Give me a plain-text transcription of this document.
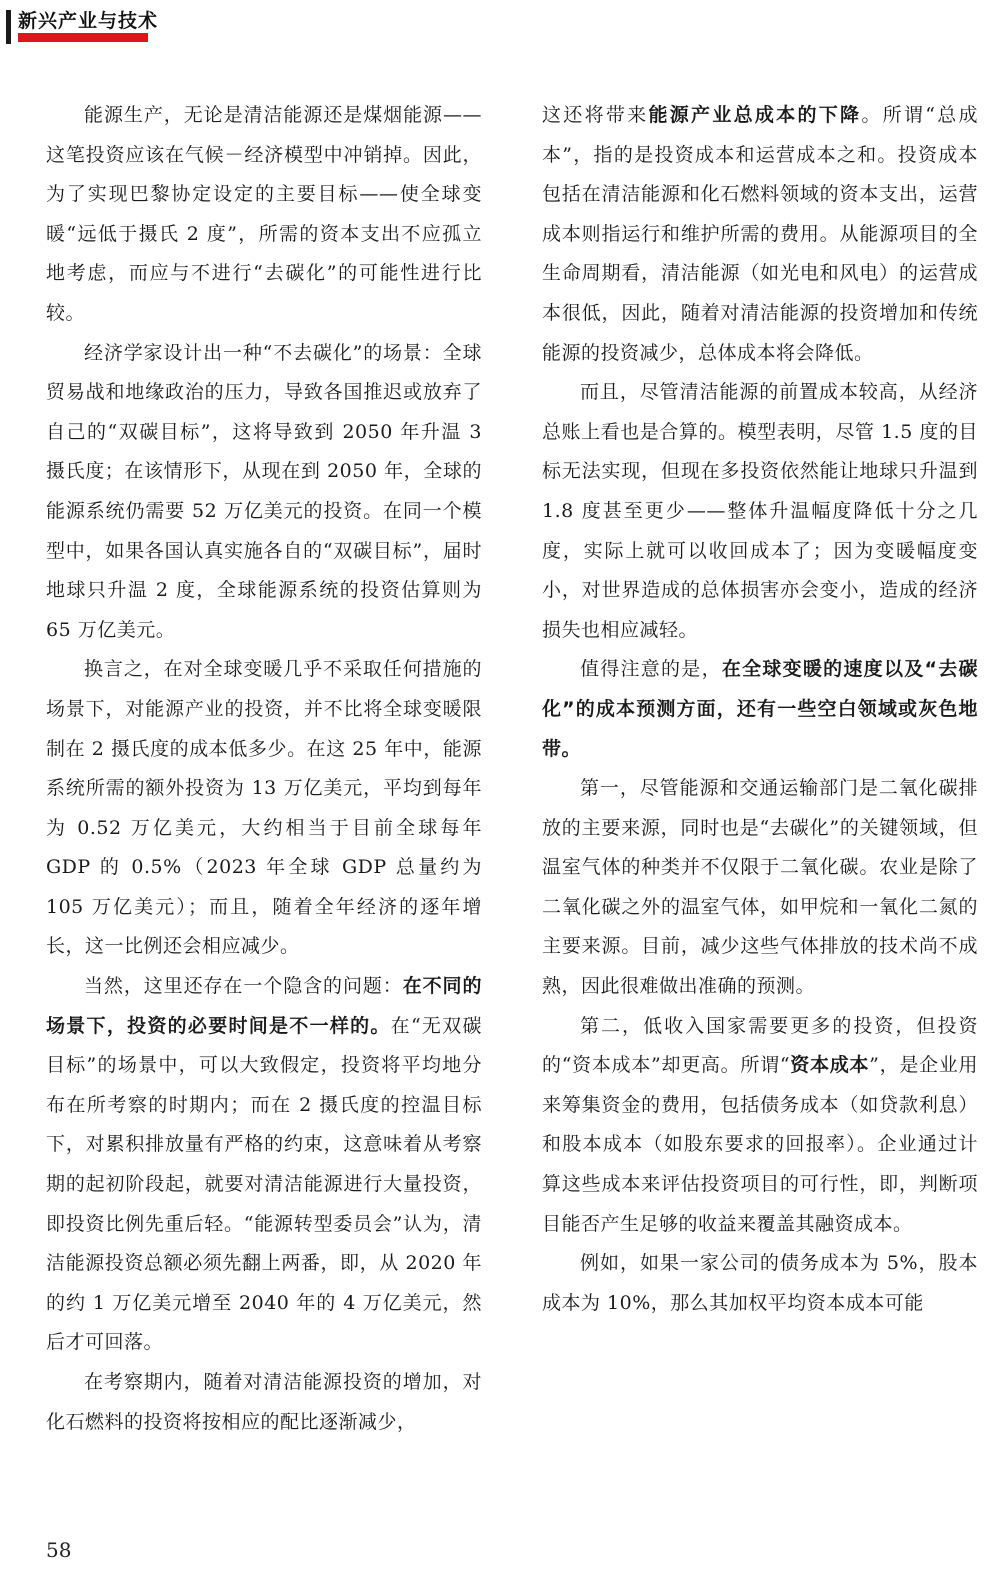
新兴产业与技术

能源生产，无论是清洁能源还是煤烟能源——这笔投资应该在气候－经济模型中冲销掉。因此，为了实现巴黎协定设定的主要目标——使全球变暖“远低于摄氏 2 度”，所需的资本支出不应孤立地考虑，而应与不进行“去碳化”的可能性进行比较。

经济学家设计出一种“不去碳化”的场景：全球贸易战和地缘政治的压力，导致各国推迟或放弃了自己的“双碳目标”，这将导致到 2050 年升温 3 摄氏度；在该情形下，从现在到 2050 年，全球的能源系统仍需要 52 万亿美元的投资。在同一个模型中，如果各国认真实施各自的“双碳目标”，届时地球只升温 2 度，全球能源系统的投资估算则为 65 万亿美元。

换言之，在对全球变暖几乎不采取任何措施的场景下，对能源产业的投资，并不比将全球变暖限制在 2 摄氏度的成本低多少。在这 25 年中，能源系统所需的额外投资为 13 万亿美元，平均到每年为 0.52 万亿美元，大约相当于目前全球每年 GDP 的 0.5%（2023 年全球 GDP 总量约为 105 万亿美元）；而且，随着全年经济的逐年增长，这一比例还会相应减少。

当然，这里还存在一个隐含的问题：在不同的场景下，投资的必要时间是不一样的。在“无双碳目标”的场景中，可以大致假定，投资将平均地分布在所考察的时期内；而在 2 摄氏度的控温目标下，对累积排放量有严格的约束，这意味着从考察期的起初阶段起，就要对清洁能源进行大量投资，即投资比例先重后轻。“能源转型委员会”认为，清洁能源投资总额必须先翻上两番，即，从 2020 年的约 1 万亿美元增至 2040 年的 4 万亿美元，然后才可回落。

在考察期内，随着对清洁能源投资的增加，对化石燃料的投资将按相应的配比逐渐减少，

这还将带来能源产业总成本的下降。所谓“总成本”，指的是投资成本和运营成本之和。投资成本包括在清洁能源和化石燃料领域的资本支出，运营成本则指运行和维护所需的费用。从能源项目的全生命周期看，清洁能源（如光电和风电）的运营成本很低，因此，随着对清洁能源的投资增加和传统能源的投资减少，总体成本将会降低。

而且，尽管清洁能源的前置成本较高，从经济总账上看也是合算的。模型表明，尽管 1.5 度的目标无法实现，但现在多投资依然能让地球只升温到 1.8 度甚至更少——整体升温幅度降低十分之几度，实际上就可以收回成本了；因为变暖幅度变小，对世界造成的总体损害亦会变小，造成的经济损失也相应减轻。

值得注意的是，在全球变暖的速度以及“去碳化”的成本预测方面，还有一些空白领域或灰色地带。

第一，尽管能源和交通运输部门是二氧化碳排放的主要来源，同时也是“去碳化”的关键领域，但温室气体的种类并不仅限于二氧化碳。农业是除了二氧化碳之外的温室气体，如甲烷和一氧化二氮的主要来源。目前，减少这些气体排放的技术尚不成熟，因此很难做出准确的预测。

第二，低收入国家需要更多的投资，但投资的“资本成本”却更高。所谓“资本成本”，是企业用来筹集资金的费用，包括债务成本（如贷款利息）和股本成本（如股东要求的回报率）。企业通过计算这些成本来评估投资项目的可行性，即，判断项目能否产生足够的收益来覆盖其融资成本。

例如，如果一家公司的债务成本为 5%，股本成本为 10%，那么其加权平均资本成本可能

58
